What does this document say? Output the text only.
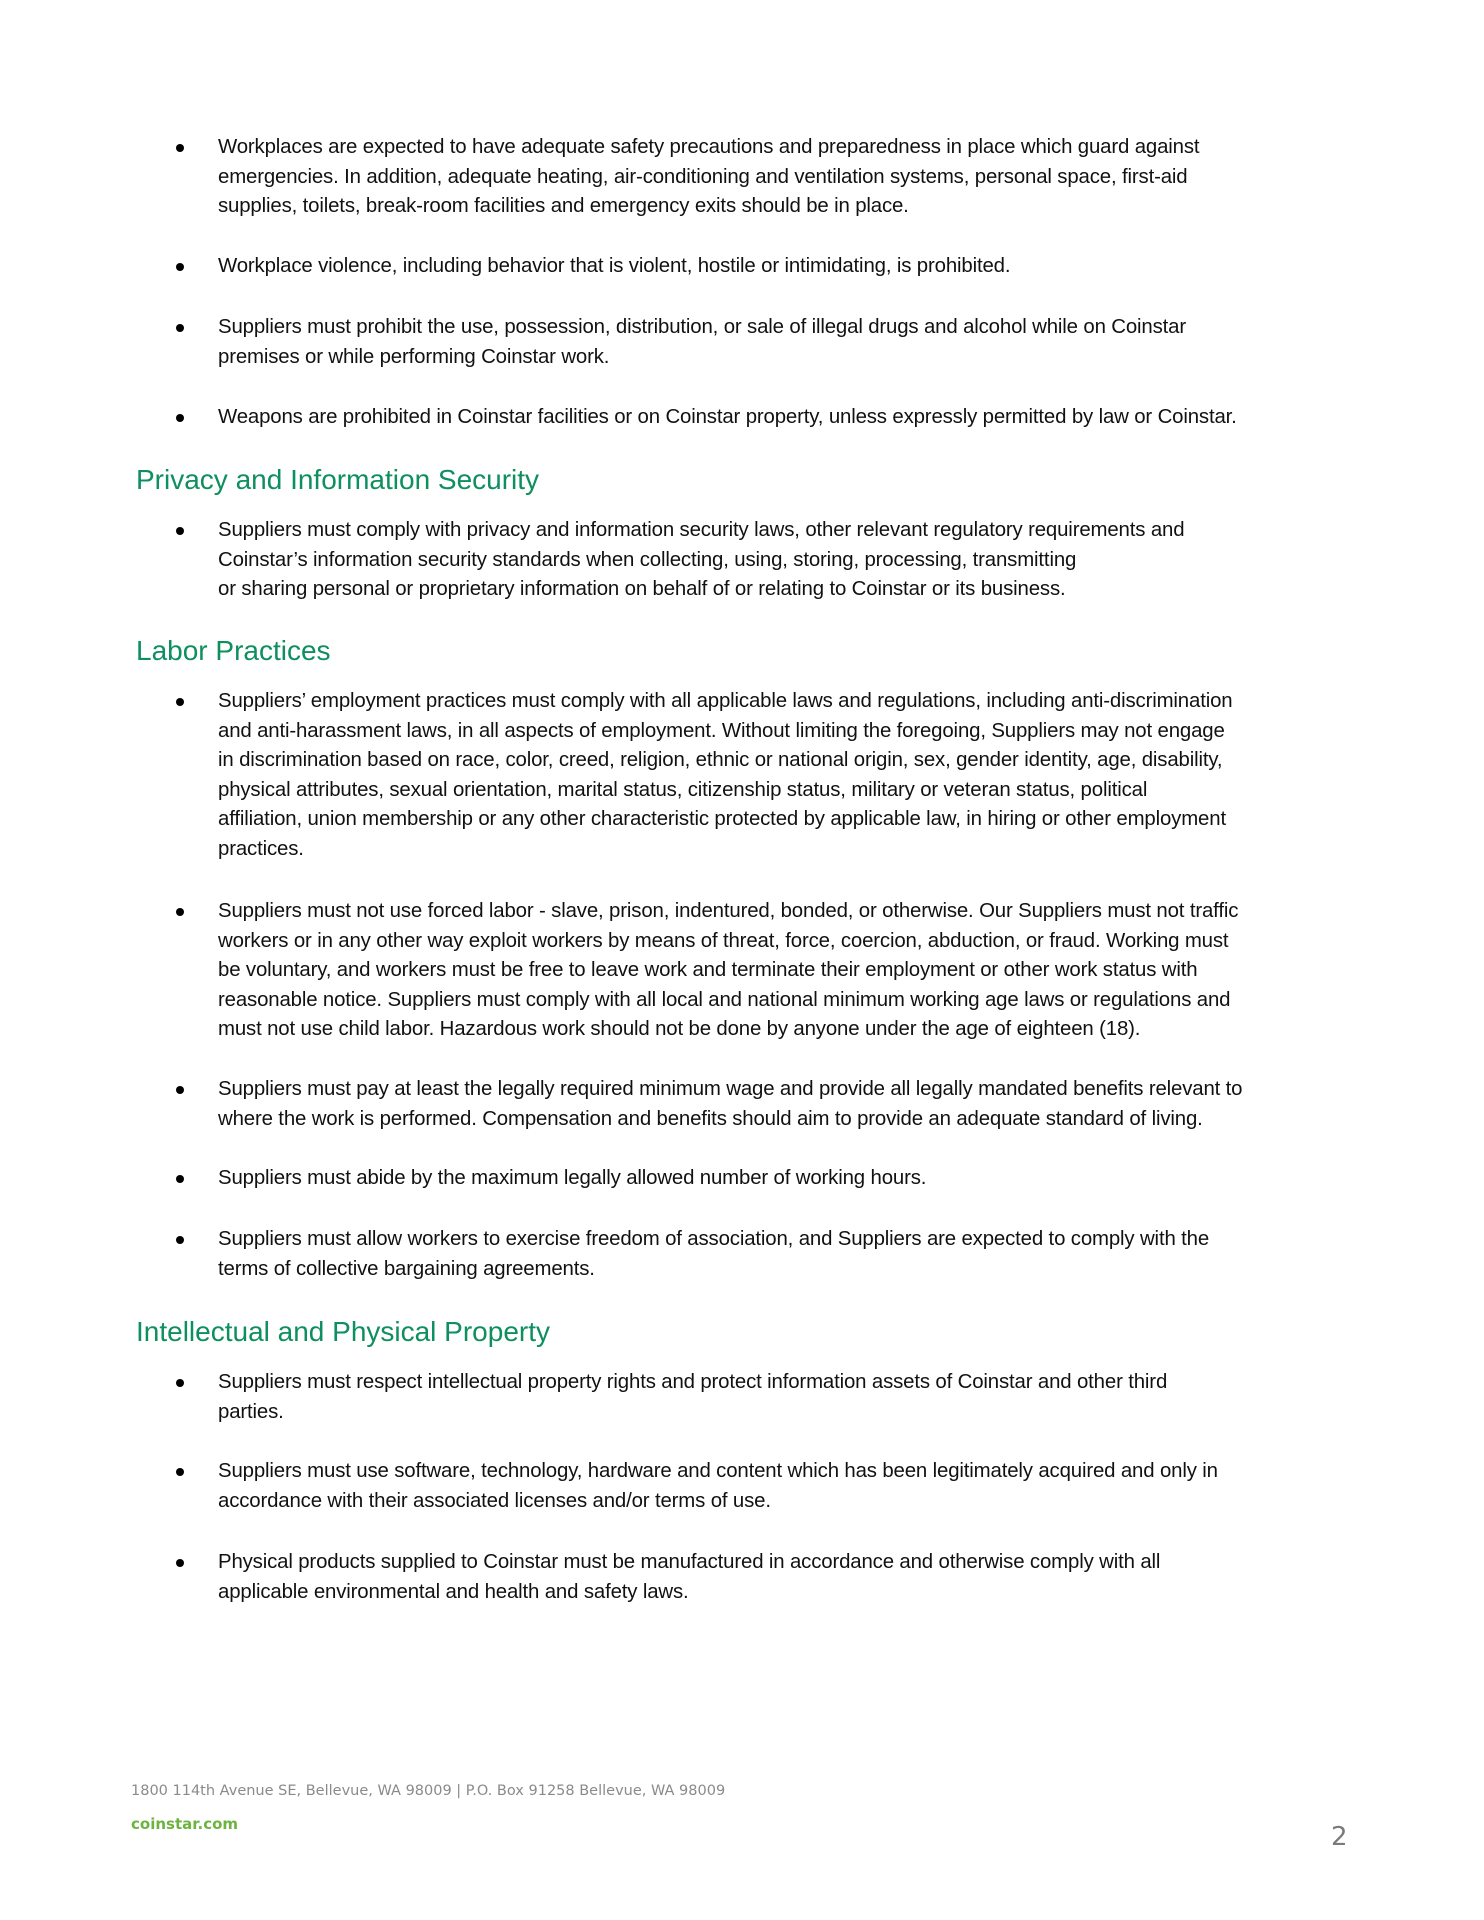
Workplaces are expected to have adequate safety precautions and preparedness in place which guard against
emergencies. In addition, adequate heating, air-conditioning and ventilation systems, personal space, first-aid
supplies, toilets, break-room facilities and emergency exits should be in place.
Workplace violence, including behavior that is violent, hostile or intimidating, is prohibited.
Suppliers must prohibit the use, possession, distribution, or sale of illegal drugs and alcohol while on Coinstar
premises or while performing Coinstar work.
Weapons are prohibited in Coinstar facilities or on Coinstar property, unless expressly permitted by law or Coinstar.
Privacy and Information Security
Suppliers must comply with privacy and information security laws, other relevant regulatory requirements and
Coinstar’s information security standards when collecting, using, storing, processing, transmitting
or sharing personal or proprietary information on behalf of or relating to Coinstar or its business.
Labor Practices
Suppliers’ employment practices must comply with all applicable laws and regulations, including anti-discrimination
and anti-harassment laws, in all aspects of employment. Without limiting the foregoing, Suppliers may not engage
in discrimination based on race, color, creed, religion, ethnic or national origin, sex, gender identity, age, disability,
physical attributes, sexual orientation, marital status, citizenship status, military or veteran status, political
affiliation, union membership or any other characteristic protected by applicable law, in hiring or other employment
practices.
Suppliers must not use forced labor - slave, prison, indentured, bonded, or otherwise. Our Suppliers must not traffic
workers or in any other way exploit workers by means of threat, force, coercion, abduction, or fraud. Working must
be voluntary, and workers must be free to leave work and terminate their employment or other work status with
reasonable notice. Suppliers must comply with all local and national minimum working age laws or regulations and
must not use child labor. Hazardous work should not be done by anyone under the age of eighteen (18).
Suppliers must pay at least the legally required minimum wage and provide all legally mandated benefits relevant to
where the work is performed. Compensation and benefits should aim to provide an adequate standard of living.
Suppliers must abide by the maximum legally allowed number of working hours.
Suppliers must allow workers to exercise freedom of association, and Suppliers are expected to comply with the
terms of collective bargaining agreements.
Intellectual and Physical Property
Suppliers must respect intellectual property rights and protect information assets of Coinstar and other third
parties.
Suppliers must use software, technology, hardware and content which has been legitimately acquired and only in
accordance with their associated licenses and/or terms of use.
Physical products supplied to Coinstar must be manufactured in accordance and otherwise comply with all
applicable environmental and health and safety laws.
1800 114th Avenue SE, Bellevue, WA 98009 | P.O. Box 91258 Bellevue, WA 98009
coinstar.com	2
